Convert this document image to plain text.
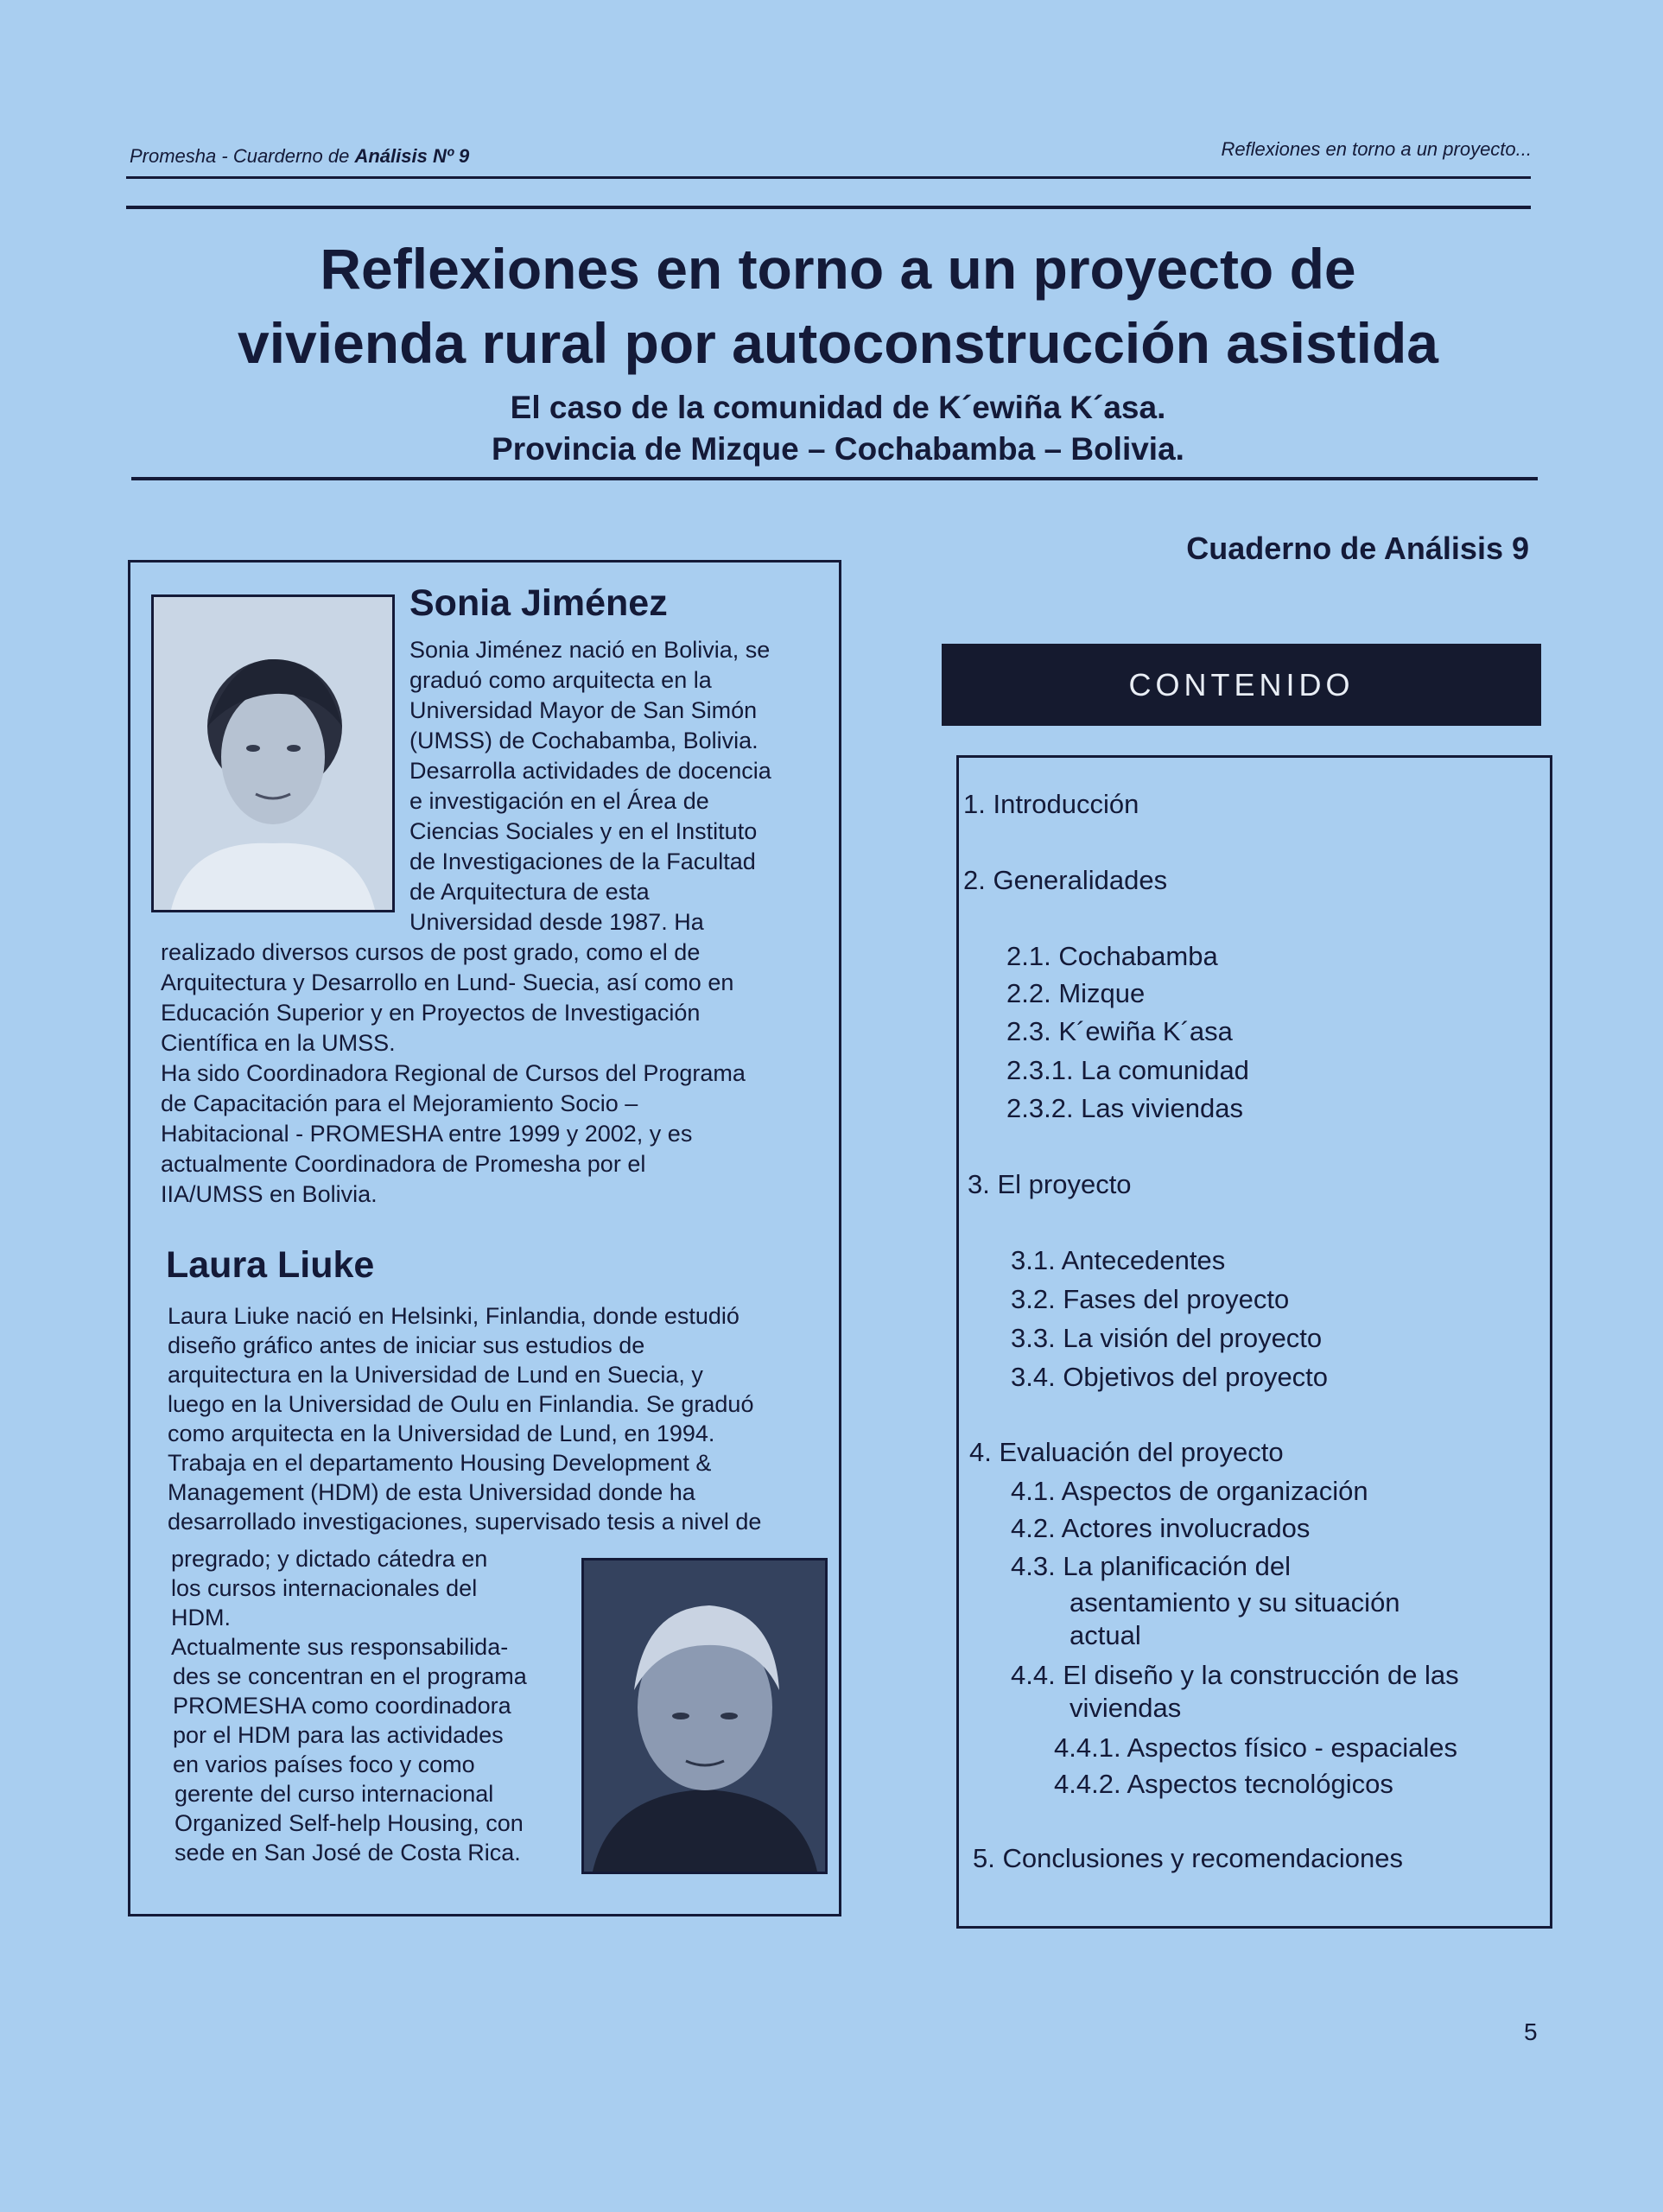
Promesha - Cuarderno de Análisis Nº 9	Reflexiones en torno a un proyecto...
Reflexiones en torno a un proyecto de
vivienda rural por autoconstrucción asistida
El caso de la comunidad de K´ewiña K´asa.
Provincia de Mizque – Cochabamba – Bolivia.
Cuaderno de Análisis 9
Sonia Jiménez
Sonia Jiménez nació en Bolivia, se
graduó como arquitecta en la
Universidad Mayor de San Simón
(UMSS) de Cochabamba, Bolivia.
Desarrolla actividades de docencia
e investigación en el Área de
Ciencias Sociales y en el Instituto
de Investigaciones de la Facultad
de Arquitectura de esta
Universidad desde 1987. Ha
realizado diversos cursos de post grado, como el de
Arquitectura y Desarrollo en Lund- Suecia, así como en
Educación Superior y en Proyectos de Investigación
Científica en la UMSS.
Ha sido Coordinadora Regional de Cursos del Programa
de Capacitación para el Mejoramiento Socio –
Habitacional - PROMESHA entre 1999 y 2002, y es
actualmente Coordinadora de Promesha por el
IIA/UMSS en Bolivia.
Laura Liuke
Laura Liuke nació en Helsinki, Finlandia, donde estudió
diseño gráfico antes de iniciar sus estudios de
arquitectura en la Universidad de Lund en Suecia, y
luego en la Universidad de Oulu en Finlandia. Se graduó
como arquitecta en la Universidad de Lund, en 1994.
Trabaja en el departamento Housing Development &
Management (HDM) de esta Universidad donde ha
desarrollado investigaciones, supervisado tesis a nivel de
pregrado; y dictado cátedra en
los cursos internacionales del
HDM.
Actualmente sus responsabilida-
des se concentran en el programa
PROMESHA como coordinadora
por el HDM para las actividades
en varios países foco y como
gerente del curso internacional
Organized Self-help Housing, con
sede en San José de Costa Rica.
CONTENIDO
1. Introducción
2. Generalidades
2.1. Cochabamba
2.2. Mizque
2.3. K´ewiña K´asa
2.3.1. La comunidad
2.3.2. Las viviendas
3. El proyecto
3.1. Antecedentes
3.2. Fases del proyecto
3.3. La visión del proyecto
3.4. Objetivos del proyecto
4. Evaluación del proyecto
4.1. Aspectos de organización
4.2. Actores involucrados
4.3. La planificación del
asentamiento y su situación
actual
4.4. El diseño y la construcción de las
viviendas
4.4.1. Aspectos físico - espaciales
4.4.2. Aspectos tecnológicos
5. Conclusiones y recomendaciones
5
